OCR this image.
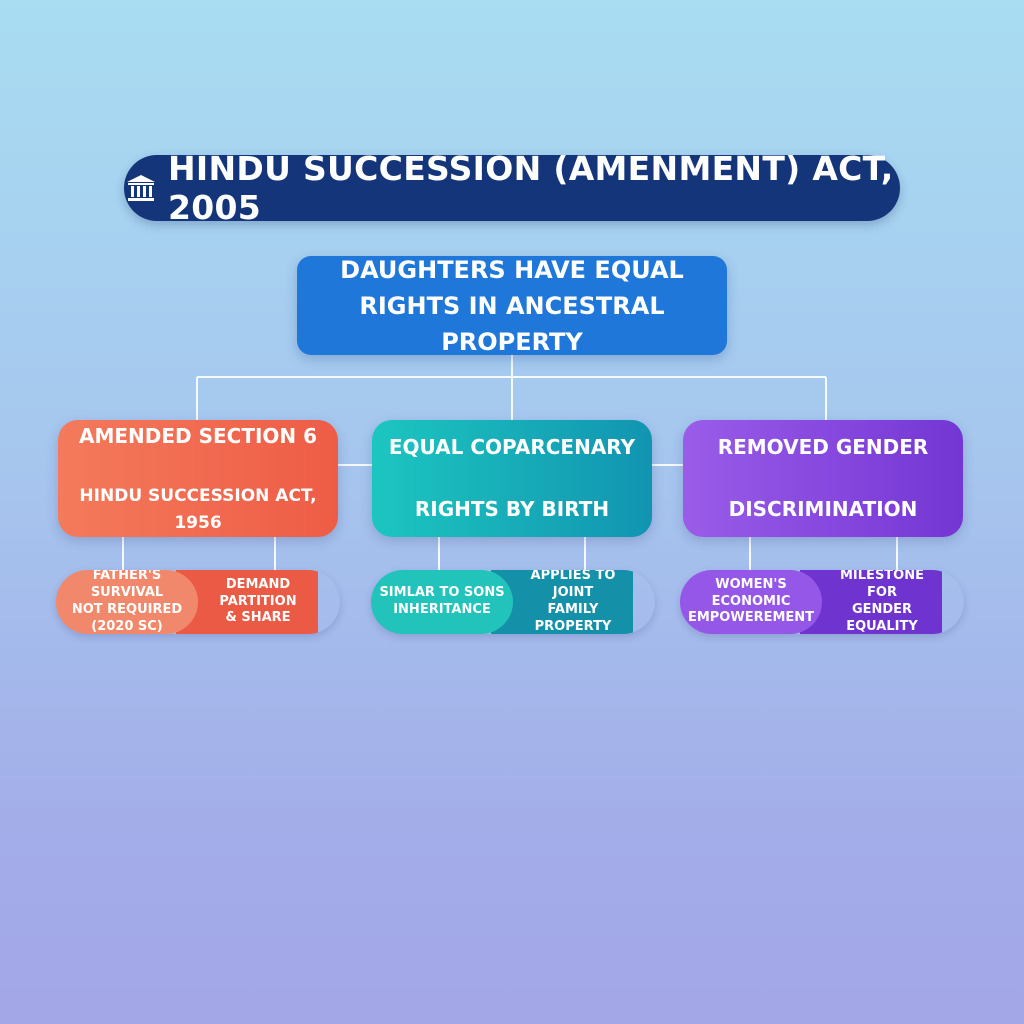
HINDU SUCCESSION (AMENMENT) ACT, 2005
DAUGHTERS HAVE EQUAL
RIGHTS IN ANCESTRAL PROPERTY

AMENDED SECTION 6

HINDU SUCCESSION ACT, 1956

EQUAL COPARCENARY

RIGHTS BY BIRTH

REMOVED GENDER

DISCRIMINATION

FATHER'S SURVIVAL
NOT REQUIRED
(2020 SC)
DEMAND PARTITION
& SHARE
SIMLAR TO SONS
INHERITANCE
APPLIES TO JOINT
FAMILY PROPERTY
WOMEN'S ECONOMIC
EMPOWEREMENT
MILESTONE FOR
GENDER EQUALITY
